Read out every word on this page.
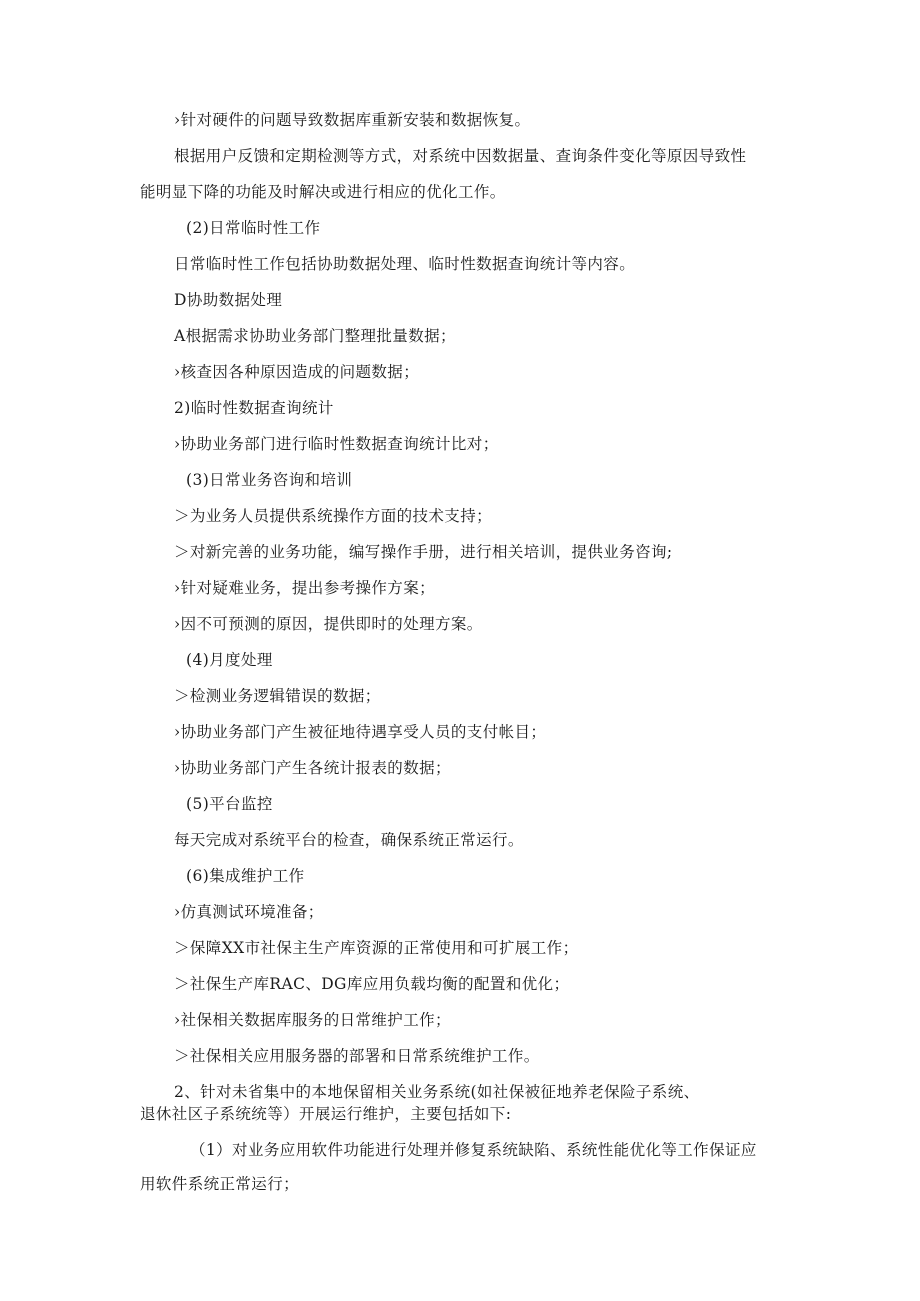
›针对硬件的问题导致数据库重新安装和数据恢复。
根据用户反馈和定期检测等方式，对系统中因数据量、查询条件变化等原因导致性
能明显下降的功能及时解决或进行相应的优化工作。
(2)日常临时性工作
日常临时性工作包括协助数据处理、临时性数据查询统计等内容。
D协助数据处理
A根据需求协助业务部门整理批量数据；
›核查因各种原因造成的问题数据；
2)临时性数据查询统计
›协助业务部门进行临时性数据查询统计比对；
(3)日常业务咨询和培训
＞为业务人员提供系统操作方面的技术支持；
＞对新完善的业务功能，编写操作手册，进行相关培训，提供业务咨询;
›针对疑难业务，提出参考操作方案；
›因不可预测的原因，提供即时的处理方案。
(4)月度处理
＞检测业务逻辑错误的数据；
›协助业务部门产生被征地待遇享受人员的支付帐目；
›协助业务部门产生各统计报表的数据；
(5)平台监控
每天完成对系统平台的检查，确保系统正常运行。
(6)集成维护工作
›仿真测试环境准备；
＞保障XX市社保主生产库资源的正常使用和可扩展工作；
＞社保生产库RAC、DG库应用负载均衡的配置和优化；
›社保相关数据库服务的日常维护工作；
＞社保相关应用服务器的部署和日常系统维护工作。
2、针对未省集中的本地保留相关业务系统(如社保被征地养老保险子系统、
退休社区子系统统等）开展运行维护，主要包括如下:
（1）对业务应用软件功能进行处理并修复系统缺陷、系统性能优化等工作保证应
用软件系统正常运行；
